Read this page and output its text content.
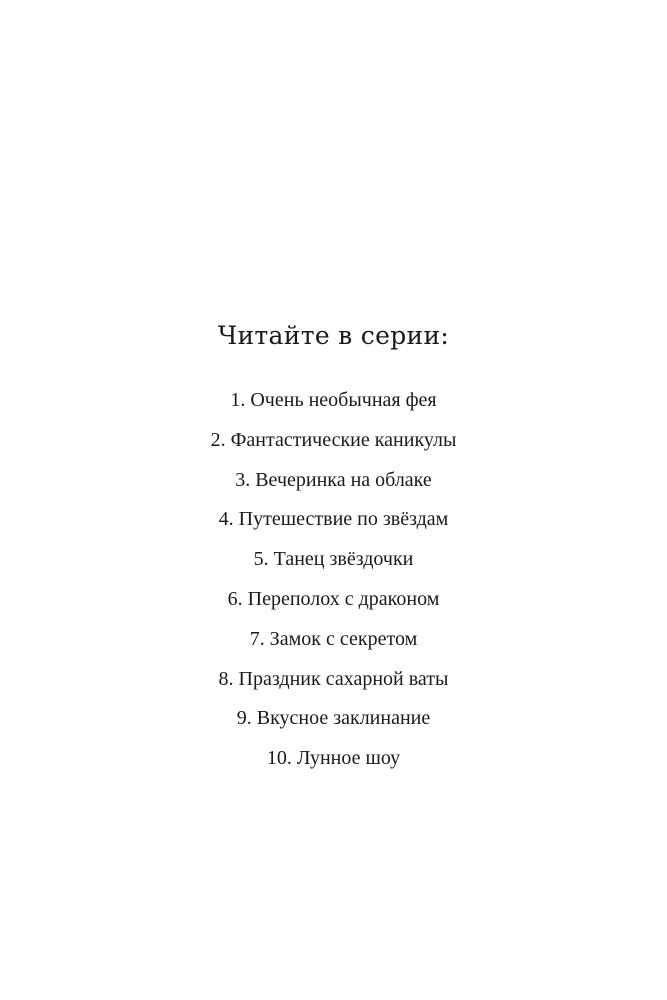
Читайте в серии:
1. Очень необычная фея
2. Фантастические каникулы
3. Вечеринка на облаке
4. Путешествие по звёздам
5. Танец звёздочки
6. Переполох с драконом
7. Замок с секретом
8. Праздник сахарной ваты
9. Вкусное заклинание
10. Лунное шоу
